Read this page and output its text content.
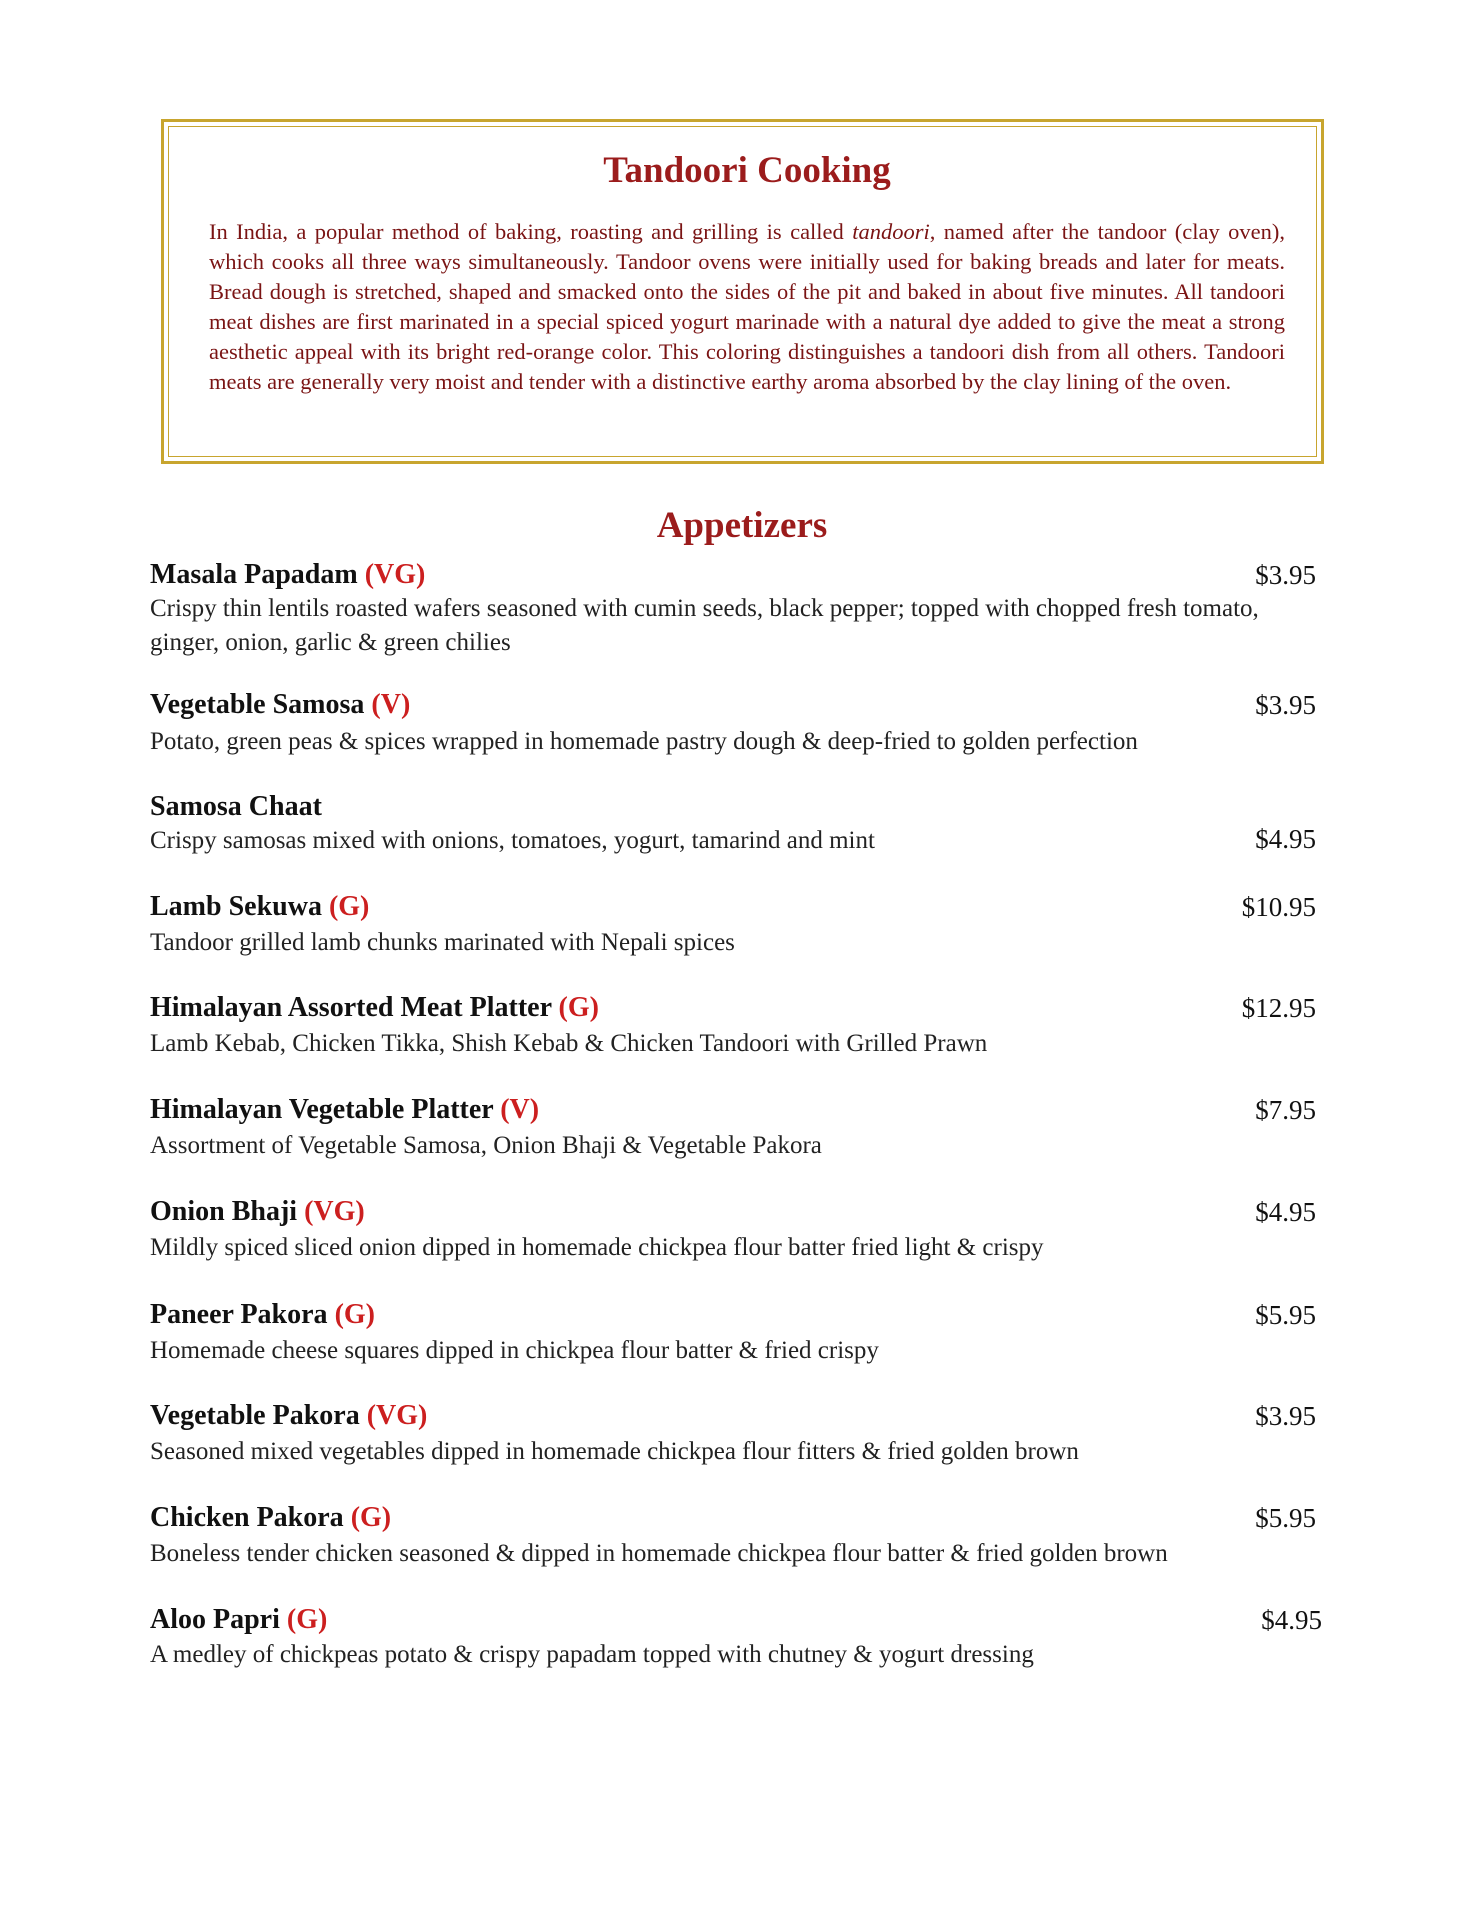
Tandoori Cooking

In India, a popular method of baking, roasting and grilling is called tandoori, named after the tandoor (clay oven), which cooks all three ways simultaneously. Tandoor ovens were initially used for baking breads and later for meats. Bread dough is stretched, shaped and smacked onto the sides of the pit and baked in about five minutes. All tandoori meat dishes are first marinated in a special spiced yogurt marinade with a natural dye added to give the meat a strong aesthetic appeal with its bright red-orange color. This coloring distinguishes a tandoori dish from all others. Tandoori meats are generally very moist and tender with a distinctive earthy aroma absorbed by the clay lining of the oven.

Appetizers
$3.95
Masala Papadam (VG)

Crispy thin lentils roasted wafers seasoned with cumin seeds, black pepper; topped with chopped fresh tomato, ginger, onion, garlic & green chilies

$3.95
Vegetable Samosa (V)

Potato, green peas & spices wrapped in homemade pastry dough & deep-fried to golden perfection

$4.95
Samosa Chaat

Crispy samosas mixed with onions, tomatoes, yogurt, tamarind and mint

$10.95
Lamb Sekuwa (G)

Tandoor grilled lamb chunks marinated with Nepali spices

$12.95
Himalayan Assorted Meat Platter (G)

Lamb Kebab, Chicken Tikka, Shish Kebab & Chicken Tandoori with Grilled Prawn

$7.95
Himalayan Vegetable Platter (V)

Assortment of Vegetable Samosa, Onion Bhaji & Vegetable Pakora

$4.95
Onion Bhaji (VG)

Mildly spiced sliced onion dipped in homemade chickpea flour batter fried light & crispy

$5.95
Paneer Pakora (G)

Homemade cheese squares dipped in chickpea flour batter & fried crispy

$3.95
Vegetable Pakora (VG)

Seasoned mixed vegetables dipped in homemade chickpea flour fitters & fried golden brown

$5.95
Chicken Pakora (G)

Boneless tender chicken seasoned & dipped in homemade chickpea flour batter & fried golden brown

$4.95
Aloo Papri (G)

A medley of chickpeas potato & crispy papadam topped with chutney & yogurt dressing
